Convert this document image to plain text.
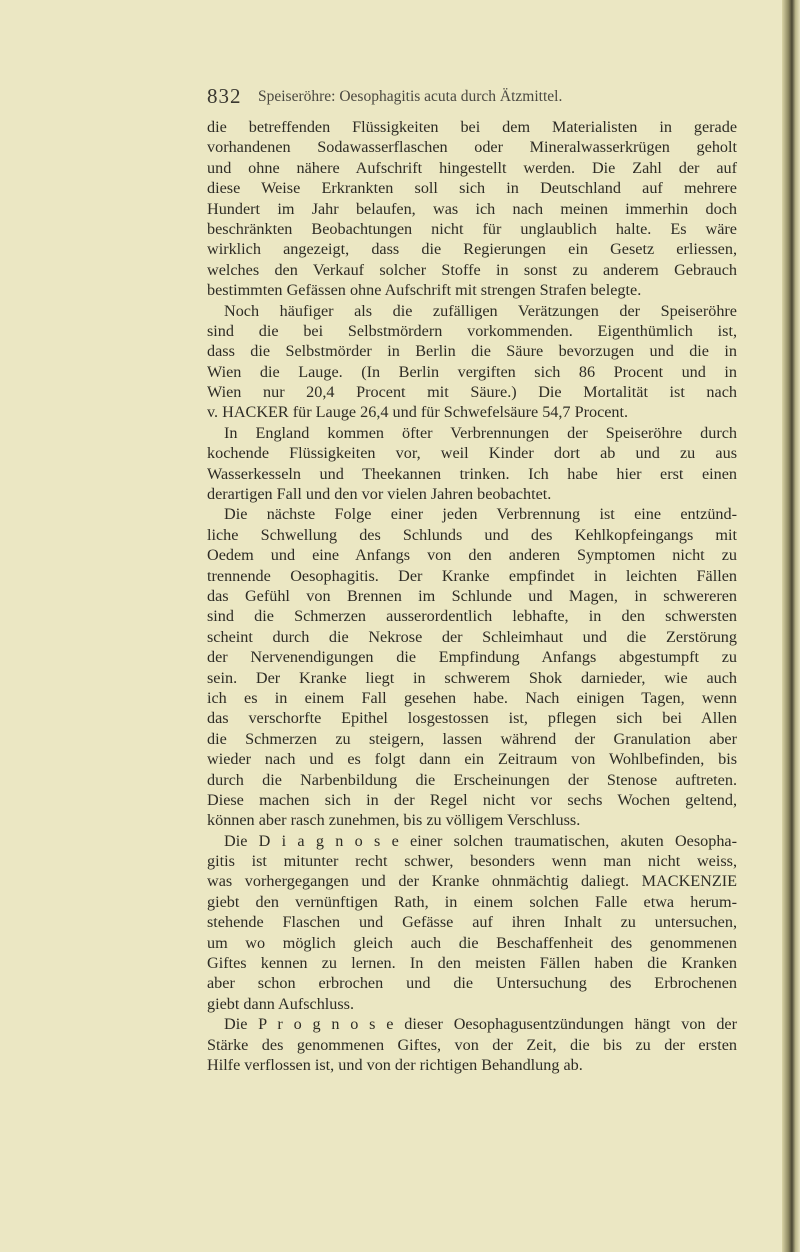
832 Speiseröhre: Oesophagitis acuta durch Ätzmittel.
die betreffenden Flüssigkeiten bei dem Materialisten in gerade
vorhandenen Sodawasserflaschen oder Mineralwasserkrügen geholt
und ohne nähere Aufschrift hingestellt werden. Die Zahl der auf
diese Weise Erkrankten soll sich in Deutschland auf mehrere
Hundert im Jahr belaufen, was ich nach meinen immerhin doch
beschränkten Beobachtungen nicht für unglaublich halte. Es wäre
wirklich angezeigt, dass die Regierungen ein Gesetz erliessen,
welches den Verkauf solcher Stoffe in sonst zu anderem Gebrauch
bestimmten Gefässen ohne Aufschrift mit strengen Strafen belegte.
Noch häufiger als die zufälligen Verätzungen der Speiseröhre
sind die bei Selbstmördern vorkommenden. Eigenthümlich ist,
dass die Selbstmörder in Berlin die Säure bevorzugen und die in
Wien die Lauge. (In Berlin vergiften sich 86 Procent und in
Wien nur 20,4 Procent mit Säure.) Die Mortalität ist nach
v. HACKER für Lauge 26,4 und für Schwefelsäure 54,7 Procent.
In England kommen öfter Verbrennungen der Speiseröhre durch
kochende Flüssigkeiten vor, weil Kinder dort ab und zu aus
Wasserkesseln und Theekannen trinken. Ich habe hier erst einen
derartigen Fall und den vor vielen Jahren beobachtet.
Die nächste Folge einer jeden Verbrennung ist eine entzünd-
liche Schwellung des Schlunds und des Kehlkopfeingangs mit
Oedem und eine Anfangs von den anderen Symptomen nicht zu
trennende Oesophagitis. Der Kranke empfindet in leichten Fällen
das Gefühl von Brennen im Schlunde und Magen, in schwereren
sind die Schmerzen ausserordentlich lebhafte, in den schwersten
scheint durch die Nekrose der Schleimhaut und die Zerstörung
der Nervenendigungen die Empfindung Anfangs abgestumpft zu
sein. Der Kranke liegt in schwerem Shok darnieder, wie auch
ich es in einem Fall gesehen habe. Nach einigen Tagen, wenn
das verschorfte Epithel losgestossen ist, pflegen sich bei Allen
die Schmerzen zu steigern, lassen während der Granulation aber
wieder nach und es folgt dann ein Zeitraum von Wohlbefinden, bis
durch die Narbenbildung die Erscheinungen der Stenose auftreten.
Diese machen sich in der Regel nicht vor sechs Wochen geltend,
können aber rasch zunehmen, bis zu völligem Verschluss.
Die D i a g n o s e einer solchen traumatischen, akuten Oesopha-
gitis ist mitunter recht schwer, besonders wenn man nicht weiss,
was vorhergegangen und der Kranke ohnmächtig daliegt. MACKENZIE
giebt den vernünftigen Rath, in einem solchen Falle etwa herum-
stehende Flaschen und Gefässe auf ihren Inhalt zu untersuchen,
um wo möglich gleich auch die Beschaffenheit des genommenen
Giftes kennen zu lernen. In den meisten Fällen haben die Kranken
aber schon erbrochen und die Untersuchung des Erbrochenen
giebt dann Aufschluss.
Die P r o g n o s e dieser Oesophagusentzündungen hängt von der
Stärke des genommenen Giftes, von der Zeit, die bis zu der ersten
Hilfe verflossen ist, und von der richtigen Behandlung ab.
